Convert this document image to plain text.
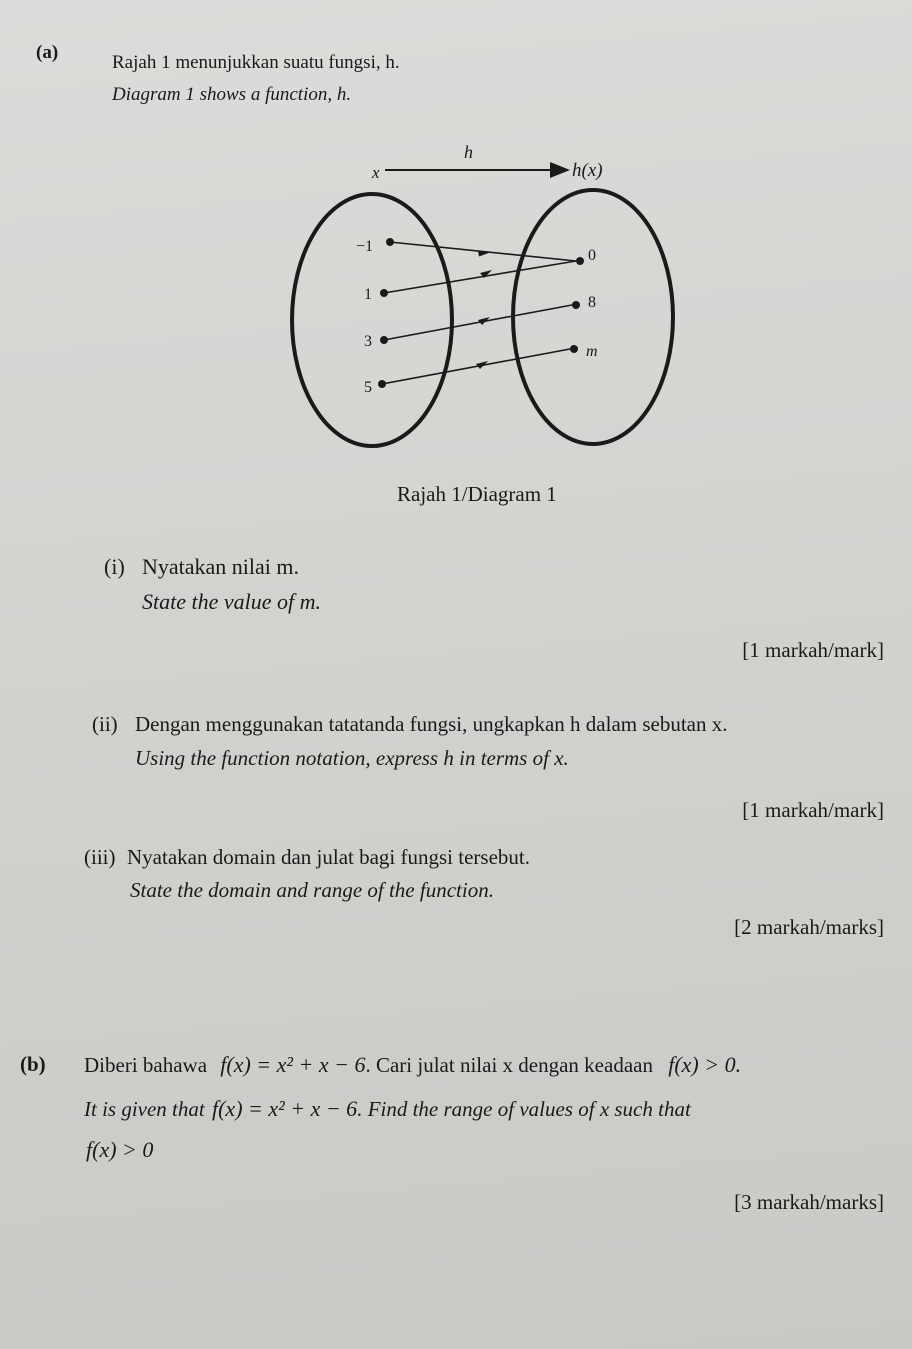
(a)	Rajah 1 menunjukkan suatu fungsi, h.
Diagram 1 shows a function, h.
h
x	h(x)
−1
1
3
5
0
8
m
Rajah 1/Diagram 1
(i) Nyatakan nilai m.
State the value of m.
[1 markah/mark]
(ii) Dengan menggunakan tatatanda fungsi, ungkapkan h dalam sebutan x.
Using the function notation, express h in terms of x.
[1 markah/mark]
(iii) Nyatakan domain dan julat bagi fungsi tersebut.
State the domain and range of the function.
[2 markah/marks]
(b) Diberi bahawa f(x) = x² + x − 6. Cari julat nilai x dengan keadaan f(x) > 0.
It is given that f(x) = x² + x − 6. Find the range of values of x such that
f(x) > 0
[3 markah/marks]
